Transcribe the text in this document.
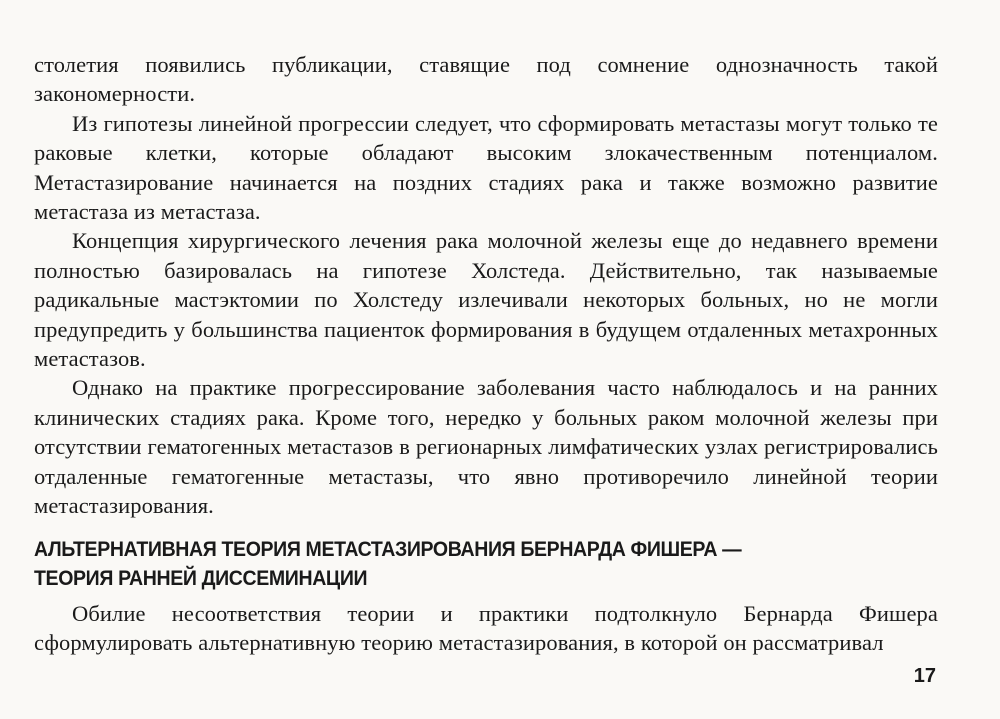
столетия появились публикации, ставящие под сомнение однозначность такой закономерности.

Из гипотезы линейной прогрессии следует, что сформировать метастазы могут только те раковые клетки, которые обладают высоким злокачественным потенциалом. Метастазирование начинается на поздних стадиях рака и также возможно развитие метастаза из метастаза.

Концепция хирургического лечения рака молочной железы еще до недавнего времени полностью базировалась на гипотезе Холстеда. Действительно, так называемые радикальные мастэктомии по Холстеду излечивали некоторых больных, но не могли предупредить у большинства пациенток формирования в будущем отдаленных метахронных метастазов.

Однако на практике прогрессирование заболевания часто наблюдалось и на ранних клинических стадиях рака. Кроме того, нередко у больных раком молочной железы при отсутствии гематогенных метастазов в регионарных лимфатических узлах регистрировались отдаленные гематогенные метастазы, что явно противоречило линейной теории метастазирования.

АЛЬТЕРНАТИВНАЯ ТЕОРИЯ МЕТАСТАЗИРОВАНИЯ БЕРНАРДА ФИШЕРА —
ТЕОРИЯ РАННЕЙ ДИССЕМИНАЦИИ

Обилие несоответствия теории и практики подтолкнуло Бернарда Фишера сформулировать альтернативную теорию метастазирования, в которой он рассматривал

17
